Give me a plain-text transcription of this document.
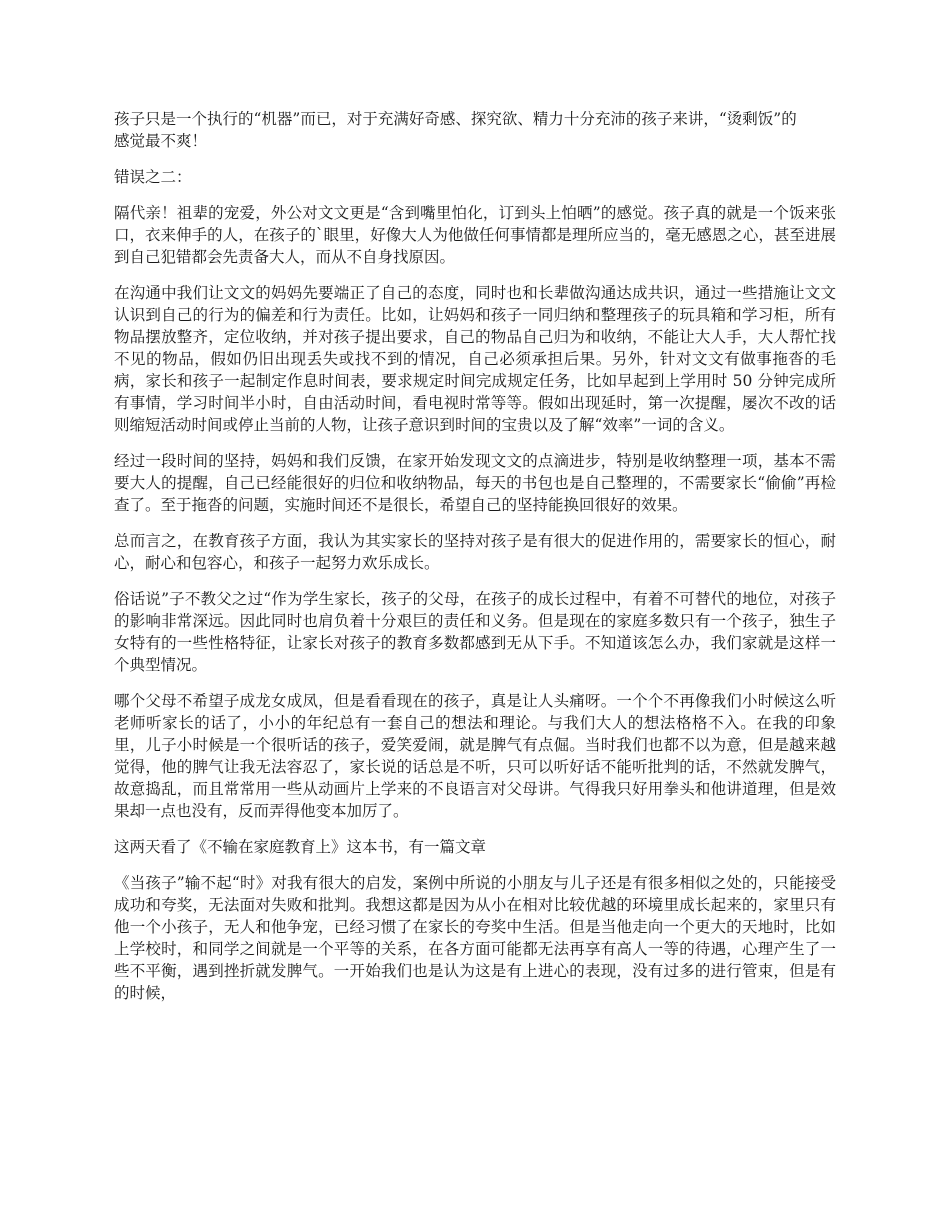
孩子只是一个执行的“机器”而已，对于充满好奇感、探究欲、精力十分充沛的孩子来讲，“烫剩饭”的感觉最不爽！

错误之二：

隔代亲！祖辈的宠爱，外公对文文更是“含到嘴里怕化，订到头上怕晒”的感觉。孩子真的就是一个饭来张口，衣来伸手的人，在孩子的`眼里，好像大人为他做任何事情都是理所应当的，毫无感恩之心，甚至进展到自己犯错都会先责备大人，而从不自身找原因。

在沟通中我们让文文的妈妈先要端正了自己的态度，同时也和长辈做沟通达成共识，通过一些措施让文文认识到自己的行为的偏差和行为责任。比如，让妈妈和孩子一同归纳和整理孩子的玩具箱和学习柜，所有物品摆放整齐，定位收纳，并对孩子提出要求，自己的物品自己归为和收纳，不能让大人手，大人帮忙找不见的物品，假如仍旧出现丢失或找不到的情况，自己必须承担后果。另外，针对文文有做事拖沓的毛病，家长和孩子一起制定作息时间表，要求规定时间完成规定任务，比如早起到上学用时 50 分钟完成所有事情，学习时间半小时，自由活动时间，看电视时常等等。假如出现延时，第一次提醒，屡次不改的话则缩短活动时间或停止当前的人物，让孩子意识到时间的宝贵以及了解“效率”一词的含义。

经过一段时间的坚持，妈妈和我们反馈，在家开始发现文文的点滴进步，特别是收纳整理一项，基本不需要大人的提醒，自己已经能很好的归位和收纳物品，每天的书包也是自己整理的，不需要家长“偷偷”再检查了。至于拖沓的问题，实施时间还不是很长，希望自己的坚持能换回很好的效果。

总而言之，在教育孩子方面，我认为其实家长的坚持对孩子是有很大的促进作用的，需要家长的恒心，耐心，耐心和包容心，和孩子一起努力欢乐成长。

俗话说”子不教父之过“作为学生家长，孩子的父母，在孩子的成长过程中，有着不可替代的地位，对孩子的影响非常深远。因此同时也肩负着十分艰巨的责任和义务。但是现在的家庭多数只有一个孩子，独生子女特有的一些性格特征，让家长对孩子的教育多数都感到无从下手。不知道该怎么办，我们家就是这样一个典型情况。

哪个父母不希望子成龙女成凤，但是看看现在的孩子，真是让人头痛呀。一个个不再像我们小时候这么听老师听家长的话了，小小的年纪总有一套自己的想法和理论。与我们大人的想法格格不入。在我的印象里，儿子小时候是一个很听话的孩子，爱笑爱闹，就是脾气有点倔。当时我们也都不以为意，但是越来越觉得，他的脾气让我无法容忍了，家长说的话总是不听，只可以听好话不能听批判的话，不然就发脾气，故意捣乱，而且常常用一些从动画片上学来的不良语言对父母讲。气得我只好用拳头和他讲道理，但是效果却一点也没有，反而弄得他变本加厉了。

这两天看了《不输在家庭教育上》这本书，有一篇文章

《当孩子”输不起“时》对我有很大的启发，案例中所说的小朋友与儿子还是有很多相似之处的，只能接受成功和夸奖，无法面对失败和批判。我想这都是因为从小在相对比较优越的环境里成长起来的，家里只有他一个小孩子，无人和他争宠，已经习惯了在家长的夸奖中生活。但是当他走向一个更大的天地时，比如上学校时，和同学之间就是一个平等的关系，在各方面可能都无法再享有高人一等的待遇，心理产生了一些不平衡，遇到挫折就发脾气。一开始我们也是认为这是有上进心的表现，没有过多的进行管束，但是有的时候，
